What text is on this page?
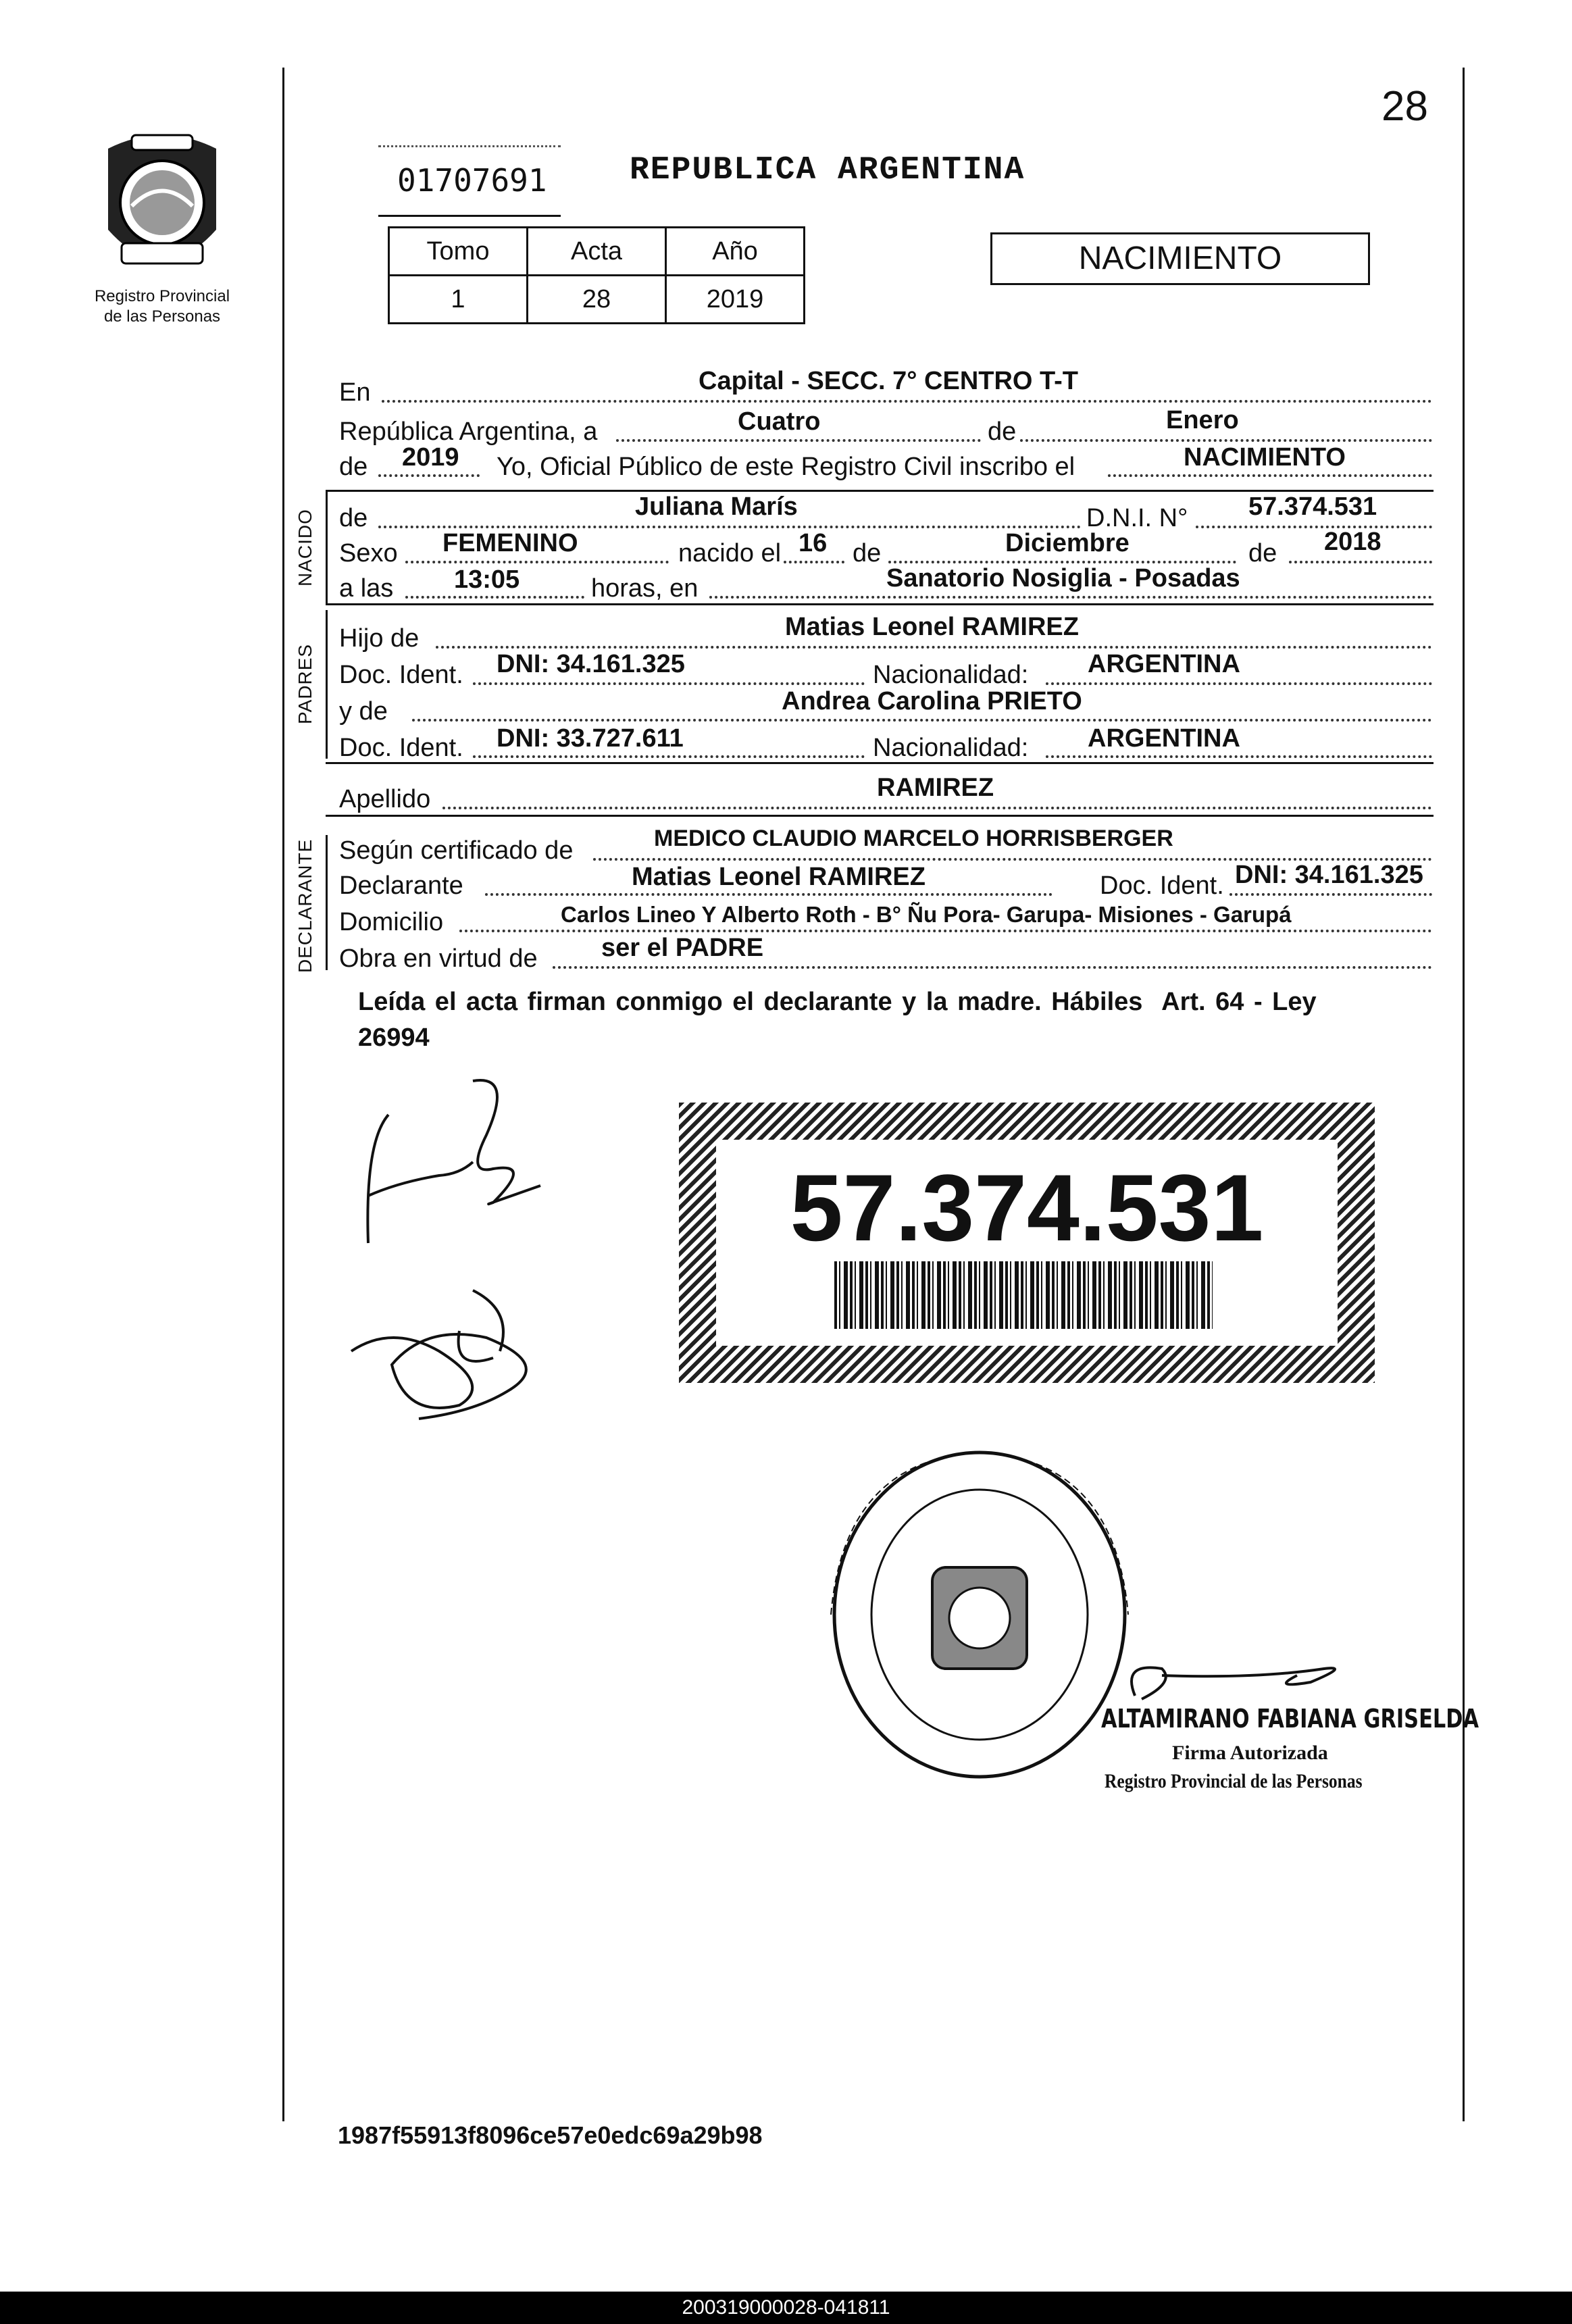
28
Registro Provincial
de las Personas
01707691	REPUBLICA ARGENTINA
Tomo	Acta	Año
1	28	2019
NACIMIENTO
En	Capital - SECC. 7° CENTRO T-T
República Argentina, a	Cuatro	de	Enero
de 2019 Yo, Oficial Público de este Registro Civil inscribo el	NACIMIENTO
NACIDO de	Juliana Marís	D.N.I. N° 57.374.531
Sexo FEMENINO	nacido el 16 de	Diciembre	de 2018
a las 13:05	horas, en	Sanatorio Nosiglia - Posadas
PADRES
Hijo de	Matias Leonel RAMIREZ
Doc. Ident. DNI: 34.161.325	Nacionalidad: ARGENTINA
y de	Andrea Carolina PRIETO
Doc. Ident. DNI: 33.727.611	Nacionalidad: ARGENTINA
Apellido	RAMIREZ
DECLARANTE Según certificado de	MEDICO CLAUDIO MARCELO HORRISBERGER
Declarante	Matias Leonel RAMIREZ	Doc. Ident. DNI: 34.161.325
Domicilio	Carlos Lineo Y Alberto Roth - B° Ñu Pora- Garupa- Misiones - Garupá
Obra en virtud de ser el PADRE
Leída el acta firman conmigo el declarante y la madre. Hábiles  Art. 64 - Ley
26994
57.374.531
ALTAMIRANO FABIANA GRISELDA
Firma Autorizada
Registro Provincial de las Personas
1987f55913f8096ce57e0edc69a29b98
200319000028-041811
